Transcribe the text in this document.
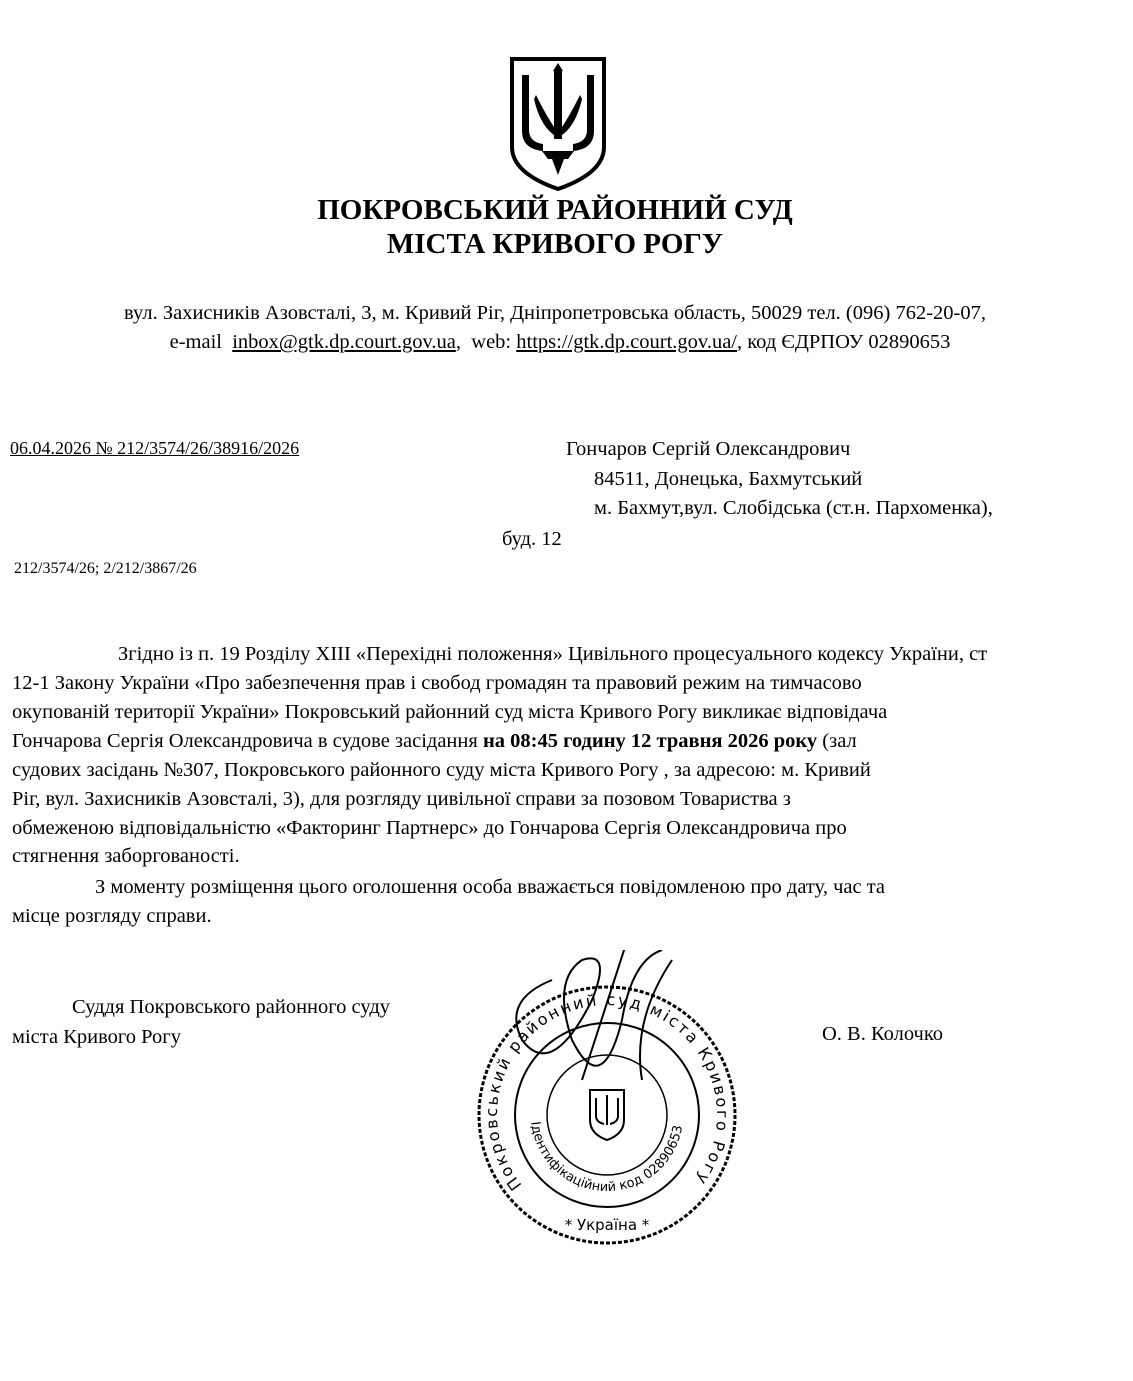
ПОКРОВСЬКИЙ РАЙОННИЙ СУД
МІСТА КРИВОГО РОГУ
вул. Захисників Азовсталі, 3, м. Кривий Ріг, Дніпропетровська область, 50029 тел. (096) 762-20-07,
e-mail inbox@gtk.dp.court.gov.ua, web: https://gtk.dp.court.gov.ua/, код ЄДРПОУ 02890653
06.04.2026 № 212/3574/26/38916/2026
212/3574/26; 2/212/3867/26
Гончаров Сергій Олександрович
84511, Донецька, Бахмутський
м. Бахмут,вул. Слобідська (ст.н. Пархоменка),
буд. 12
Згідно із п. 19 Розділу XIII «Перехідні положення» Цивільного процесуального кодексу України, ст
12-1 Закону України «Про забезпечення прав і свобод громадян та правовий режим на тимчасово
окупованій території України» Покровський районний суд міста Кривого Рогу викликає відповідача
Гончарова Сергія Олександровича в судове засідання на 08:45 годину 12 травня 2026 року (зал
судових засідань №307, Покровського районного суду міста Кривого Рогу , за адресою: м. Кривий
Ріг, вул. Захисників Азовсталі, 3), для розгляду цивільної справи за позовом Товариства з
обмеженою відповідальністю «Факторинг Партнерс» до Гончарова Сергія Олександровича про
стягнення заборгованості.
З моменту розміщення цього оголошення особа вважається повідомленою про дату, час та
місце розгляду справи.
Суддя Покровського районного суду
міста Кривого Рогу	О. В. Колочко
Покровський районний суд міста Кривого Рогу
Ідентифікаційний код 02890653
* Україна *
